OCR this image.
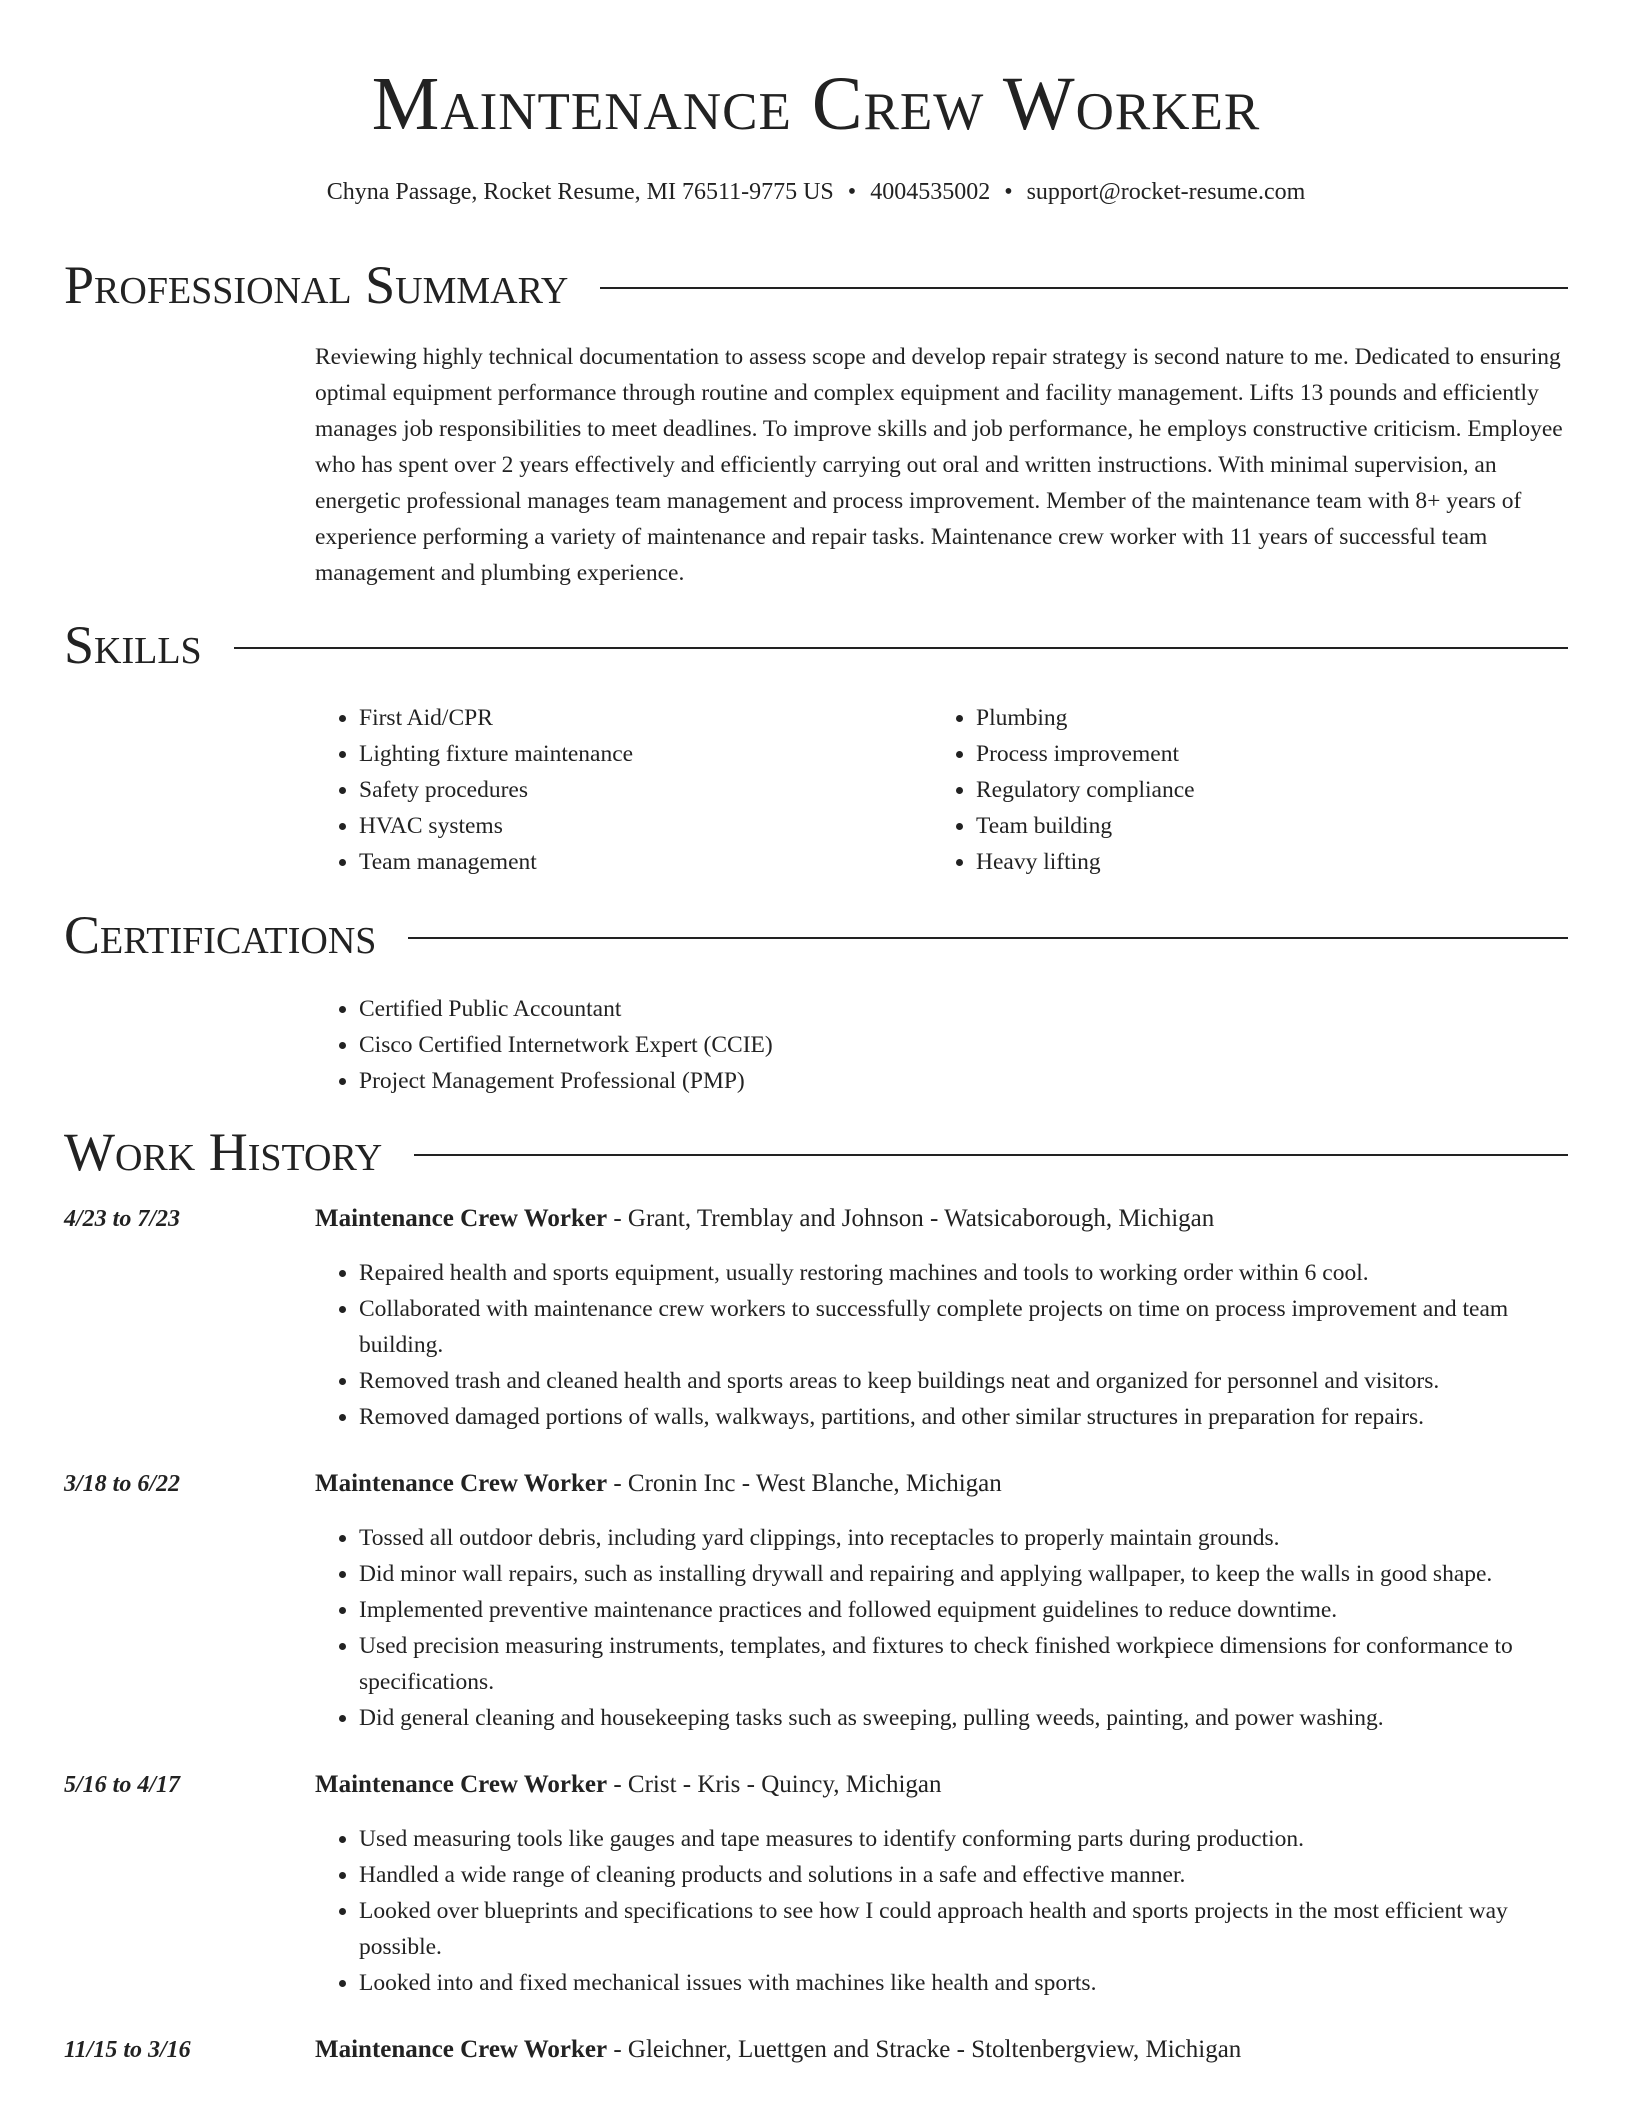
Maintenance Crew Worker
Chyna Passage, Rocket Resume, MI 76511-9775 US • 4004535002 • support@rocket-resume.com
Professional Summary

Reviewing highly technical documentation to assess scope and develop repair strategy is second nature to me. Dedicated to ensuring optimal equipment performance through routine and complex equipment and facility management. Lifts 13 pounds and efficiently manages job responsibilities to meet deadlines. To improve skills and job performance, he employs constructive criticism. Employee who has spent over 2 years effectively and efficiently carrying out oral and written instructions. With minimal supervision, an energetic professional manages team management and process improvement. Member of the maintenance team with 8+ years of experience performing a variety of maintenance and repair tasks. Maintenance crew worker with 11 years of successful team management and plumbing experience.

Skills
• First Aid/CPR
• Lighting fixture maintenance
• Safety procedures
• HVAC systems
• Team management
• Plumbing
• Process improvement
• Regulatory compliance
• Team building
• Heavy lifting
Certifications
• Certified Public Accountant
• Cisco Certified Internetwork Expert (CCIE)
• Project Management Professional (PMP)
Work History
4/23 to 7/23	Maintenance Crew Worker - Grant, Tremblay and Johnson - Watsicaborough, Michigan
• Repaired health and sports equipment, usually restoring machines and tools to working order within 6 cool.
• Collaborated with maintenance crew workers to successfully complete projects on time on process improvement and team building.
• Removed trash and cleaned health and sports areas to keep buildings neat and organized for personnel and visitors.
• Removed damaged portions of walls, walkways, partitions, and other similar structures in preparation for repairs.
3/18 to 6/22	Maintenance Crew Worker - Cronin Inc - West Blanche, Michigan
• Tossed all outdoor debris, including yard clippings, into receptacles to properly maintain grounds.
• Did minor wall repairs, such as installing drywall and repairing and applying wallpaper, to keep the walls in good shape.
• Implemented preventive maintenance practices and followed equipment guidelines to reduce downtime.
• Used precision measuring instruments, templates, and fixtures to check finished workpiece dimensions for conformance to specifications.
• Did general cleaning and housekeeping tasks such as sweeping, pulling weeds, painting, and power washing.
5/16 to 4/17	Maintenance Crew Worker - Crist - Kris - Quincy, Michigan
• Used measuring tools like gauges and tape measures to identify conforming parts during production.
• Handled a wide range of cleaning products and solutions in a safe and effective manner.
• Looked over blueprints and specifications to see how I could approach health and sports projects in the most efficient way possible.
• Looked into and fixed mechanical issues with machines like health and sports.
11/15 to 3/16	Maintenance Crew Worker - Gleichner, Luettgen and Stracke - Stoltenbergview, Michigan
